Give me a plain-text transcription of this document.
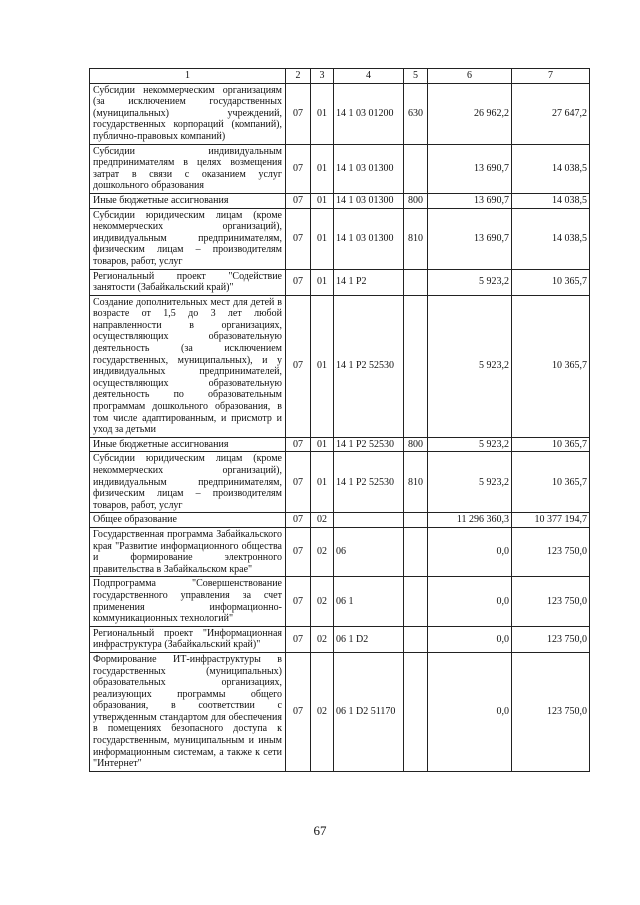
1	2	3	4	5	6	7
Субсидии некоммерческим организациям (за исключением государственных (муниципальных) учреждений, государственных корпораций (компаний), публично-правовых компаний)	07	01	14 1 03 01200	630	26 962,2	27 647,2
Субсидии индивидуальным предпринимателям в целях возмещения затрат в связи с оказанием услуг дошкольного образования	07	01	14 1 03 01300		13 690,7	14 038,5
Иные бюджетные ассигнования	07	01	14 1 03 01300	800	13 690,7	14 038,5
Субсидии юридическим лицам (кроме некоммерческих организаций), индивидуальным предпринимателям, физическим лицам – производителям товаров, работ, услуг	07	01	14 1 03 01300	810	13 690,7	14 038,5
Региональный проект "Содействие занятости (Забайкальский край)"	07	01	14 1 P2		5 923,2	10 365,7
Создание дополнительных мест для детей в возрасте от 1,5 до 3 лет любой направленности в организациях, осуществляющих образовательную деятельность (за исключением государственных, муниципальных), и у индивидуальных предпринимателей, осуществляющих образовательную деятельность по образовательным программам дошкольного образования, в том числе адаптированным, и присмотр и уход за детьми	07	01	14 1 P2 52530		5 923,2	10 365,7
Иные бюджетные ассигнования	07	01	14 1 P2 52530	800	5 923,2	10 365,7
Субсидии юридическим лицам (кроме некоммерческих организаций), индивидуальным предпринимателям, физическим лицам – производителям товаров, работ, услуг	07	01	14 1 P2 52530	810	5 923,2	10 365,7
Общее образование	07	02			11 296 360,3	10 377 194,7
Государственная программа Забайкальского края "Развитие информационного общества и формирование электронного правительства в Забайкальском крае"	07	02	06		0,0	123 750,0
Подпрограмма "Совершенствование государственного управления за счет применения информационно-коммуникационных технологий"	07	02	06 1		0,0	123 750,0
Региональный проект "Информационная инфраструктура (Забайкальский край)"	07	02	06 1 D2		0,0	123 750,0
Формирование ИТ-инфраструктуры в государственных (муниципальных) образовательных организациях, реализующих программы общего образования, в соответствии с утвержденным стандартом для обеспечения в помещениях безопасного доступа к государственным, муниципальным и иным информационным системам, а также к сети "Интернет"	07	02	06 1 D2 51170		0,0	123 750,0
67
